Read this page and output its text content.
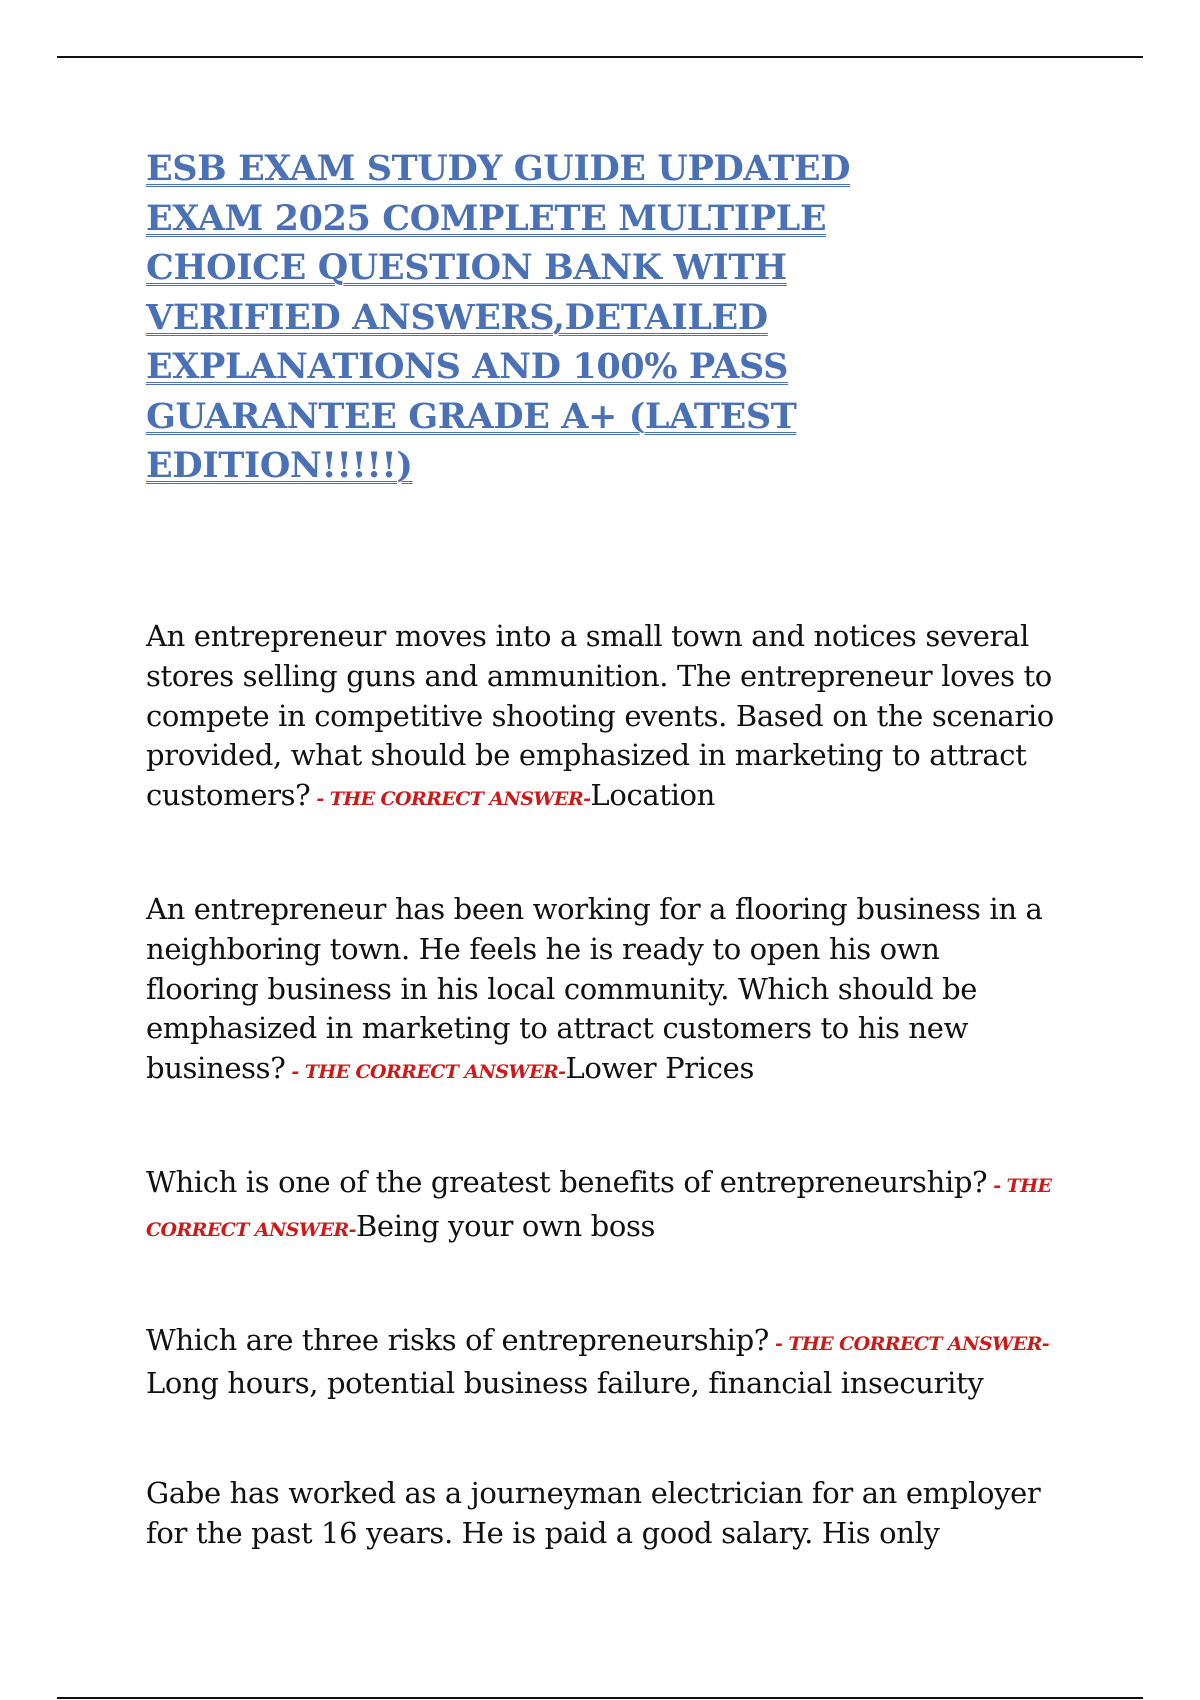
ESB EXAM STUDY GUIDE UPDATED EXAM 2025 COMPLETE MULTIPLE CHOICE QUESTION BANK WITH VERIFIED ANSWERS,DETAILED EXPLANATIONS AND 100% PASS GUARANTEE GRADE A+ (LATEST EDITION!!!!!)

An entrepreneur moves into a small town and notices several stores selling guns and ammunition. The entrepreneur loves to compete in competitive shooting events. Based on the scenario provided, what should be emphasized in marketing to attract customers? - THE CORRECT ANSWER-Location

An entrepreneur has been working for a flooring business in a neighboring town. He feels he is ready to open his own flooring business in his local community. Which should be emphasized in marketing to attract customers to his new business? - THE CORRECT ANSWER-Lower Prices

Which is one of the greatest benefits of entrepreneurship? - THE CORRECT ANSWER-Being your own boss

Which are three risks of entrepreneurship? - THE CORRECT ANSWER-Long hours, potential business failure, financial insecurity

Gabe has worked as a journeyman electrician for an employer for the past 16 years. He is paid a good salary. His only
